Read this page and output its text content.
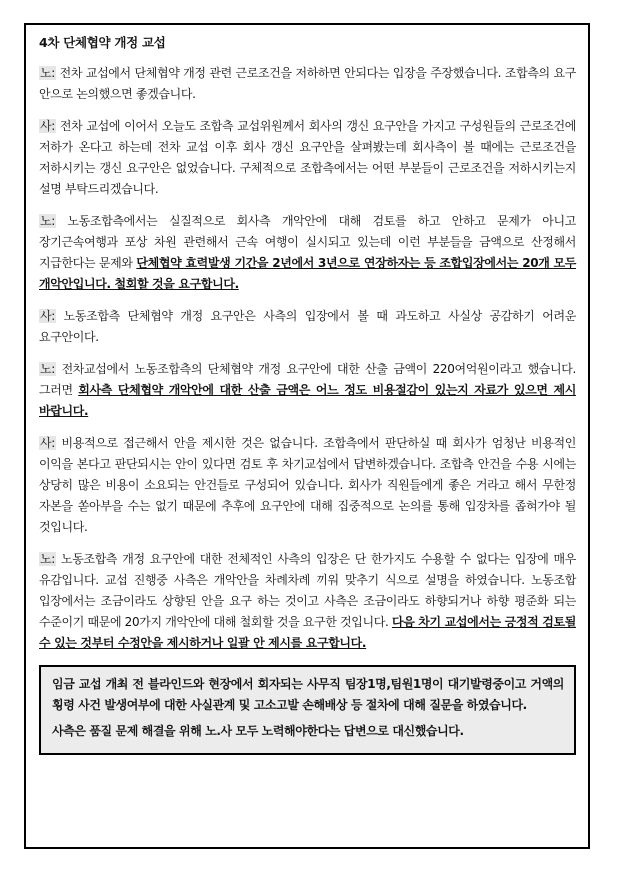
4차 단체협약 개정 교섭
노: 전차 교섭에서 단체협약 개정 관련 근로조건을 저하하면 안되다는 입장을 주장했습니다. 조합측의 요구 안으로 논의했으면 좋겠습니다.
사: 전차 교섭에 이어서 오늘도 조합측 교섭위원께서 회사의 갱신 요구안을 가지고 구성원들의 근로조건에 저하가 온다고 하는데 전차 교섭 이후 회사 갱신 요구안을 살펴봤는데 회사측이 볼 때에는 근로조건을 저하시키는 갱신 요구안은 없었습니다. 구체적으로 조합측에서는 어떤 부분들이 근로조건을 저하시키는지 설명 부탁드리겠습니다.
노: 노동조합측에서는 실질적으로 회사측 개악안에 대해 검토를 하고 안하고 문제가 아니고 장기근속여행과 포상 차원 관련해서 근속 여행이 실시되고 있는데 이런 부분들을 금액으로 산정해서 지급한다는 문제와 단체협약 효력발생 기간을 2년에서 3년으로 연장하자는 등 조합입장에서는 20개 모두 개악안입니다. 철회할 것을 요구합니다.
사: 노동조합측 단체협약 개정 요구안은 사측의 입장에서 볼 때 과도하고 사실상 공감하기 어려운 요구안이다.
노: 전차교섭에서 노동조합측의 단체협약 개정 요구안에 대한 산출 금액이 220여억원이라고 했습니다. 그러면 회사측 단체협약 개악안에 대한 산출 금액은 어느 정도 비용절감이 있는지 자료가 있으면 제시 바랍니다.
사: 비용적으로 접근해서 안을 제시한 것은 없습니다. 조합측에서 판단하실 때 회사가 엄청난 비용적인 이익을 본다고 판단되시는 안이 있다면 검토 후 차기교섭에서 답변하겠습니다. 조합측 안건을 수용 시에는 상당히 많은 비용이 소요되는 안건들로 구성되어 있습니다. 회사가 직원들에게 좋은 거라고 해서 무한정 자본을 쏟아부을 수는 없기 때문에 추후에 요구안에 대해 집중적으로 논의를 통해 입장차를 좁혀가야 될 것입니다.
노: 노동조합측 개정 요구안에 대한 전체적인 사측의 입장은 단 한가지도 수용할 수 없다는 입장에 매우 유감입니다. 교섭 진행중 사측은 개악안을 차례차례 끼워 맞추기 식으로 설명을 하였습니다. 노동조합 입장에서는 조금이라도 상향된 안을 요구 하는 것이고 사측은 조금이라도 하향되거나 하향 평준화 되는 수준이기 때문에 20가지 개악안에 대해 철회할 것을 요구한 것입니다. 다음 차기 교섭에서는 긍정적 검토될 수 있는 것부터 수정안을 제시하거나 일괄 안 제시를 요구합니다.

임금 교섭 개최 전 블라인드와 현장에서 회자되는 사무직 팀장1명,팀원1명이 대기발령중이고 거액의 횡령 사건 발생여부에 대한 사실관계 및 고소고발 손해배상 등 절차에 대해 질문을 하였습니다.

사측은 품질 문제 해결을 위해 노.사 모두 노력해야한다는 답변으로 대신했습니다.
